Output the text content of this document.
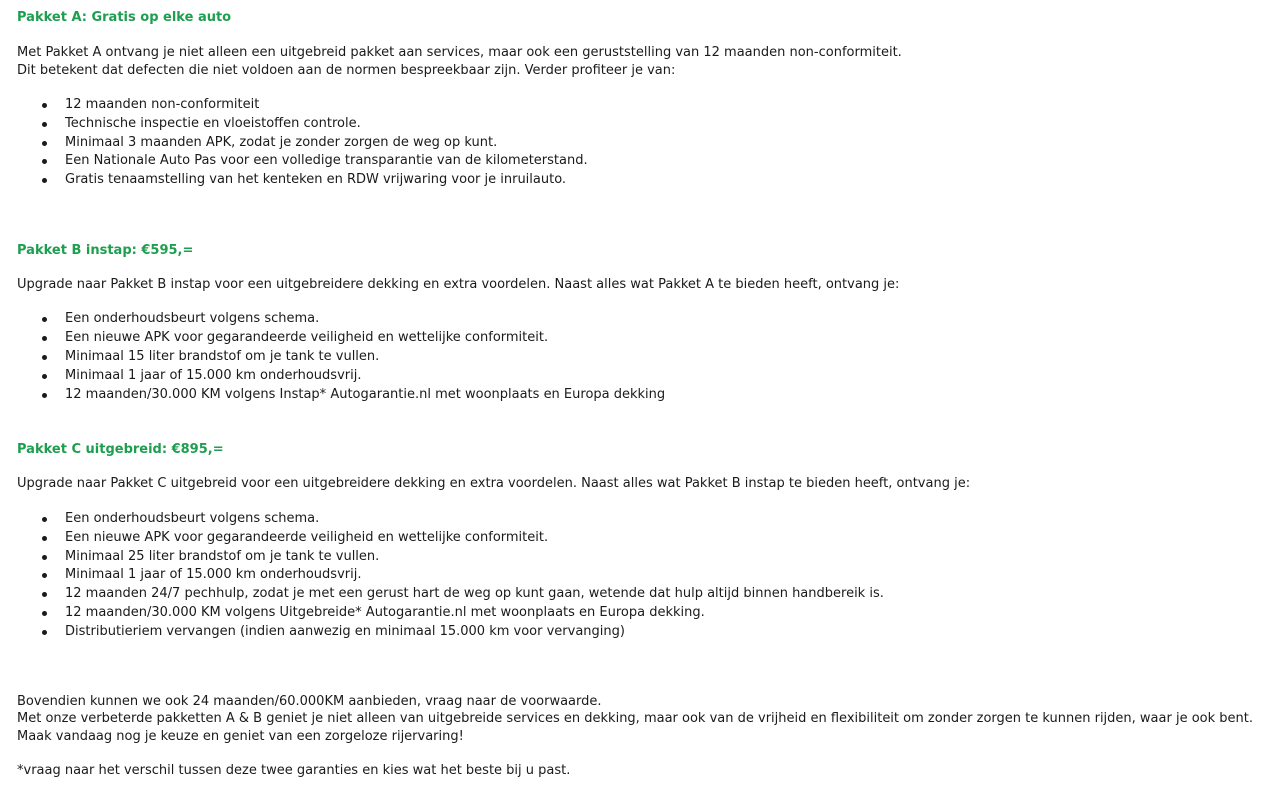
Pakket A: Gratis op elke auto
Met Pakket A ontvang je niet alleen een uitgebreid pakket aan services, maar ook een geruststelling van 12 maanden non-conformiteit.
Dit betekent dat defecten die niet voldoen aan de normen bespreekbaar zijn. Verder profiteer je van:
12 maanden non-conformiteit
Technische inspectie en vloeistoffen controle.
Minimaal 3 maanden APK, zodat je zonder zorgen de weg op kunt.
Een Nationale Auto Pas voor een volledige transparantie van de kilometerstand.
Gratis tenaamstelling van het kenteken en RDW vrijwaring voor je inruilauto.
Pakket B instap: €595,=
Upgrade naar Pakket B instap voor een uitgebreidere dekking en extra voordelen. Naast alles wat Pakket A te bieden heeft, ontvang je:
Een onderhoudsbeurt volgens schema.
Een nieuwe APK voor gegarandeerde veiligheid en wettelijke conformiteit.
Minimaal 15 liter brandstof om je tank te vullen.
Minimaal 1 jaar of 15.000 km onderhoudsvrij.
12 maanden/30.000 KM volgens Instap* Autogarantie.nl met woonplaats en Europa dekking
Pakket C uitgebreid: €895,=
Upgrade naar Pakket C uitgebreid voor een uitgebreidere dekking en extra voordelen. Naast alles wat Pakket B instap te bieden heeft, ontvang je:
Een onderhoudsbeurt volgens schema.
Een nieuwe APK voor gegarandeerde veiligheid en wettelijke conformiteit.
Minimaal 25 liter brandstof om je tank te vullen.
Minimaal 1 jaar of 15.000 km onderhoudsvrij.
12 maanden 24/7 pechhulp, zodat je met een gerust hart de weg op kunt gaan, wetende dat hulp altijd binnen handbereik is.
12 maanden/30.000 KM volgens Uitgebreide* Autogarantie.nl met woonplaats en Europa dekking.
Distributieriem vervangen (indien aanwezig en minimaal 15.000 km voor vervanging)
Bovendien kunnen we ook 24 maanden/60.000KM aanbieden, vraag naar de voorwaarde.
Met onze verbeterde pakketten A & B geniet je niet alleen van uitgebreide services en dekking, maar ook van de vrijheid en flexibiliteit om zonder zorgen te kunnen rijden, waar je ook bent.
Maak vandaag nog je keuze en geniet van een zorgeloze rijervaring!
*vraag naar het verschil tussen deze twee garanties en kies wat het beste bij u past.
